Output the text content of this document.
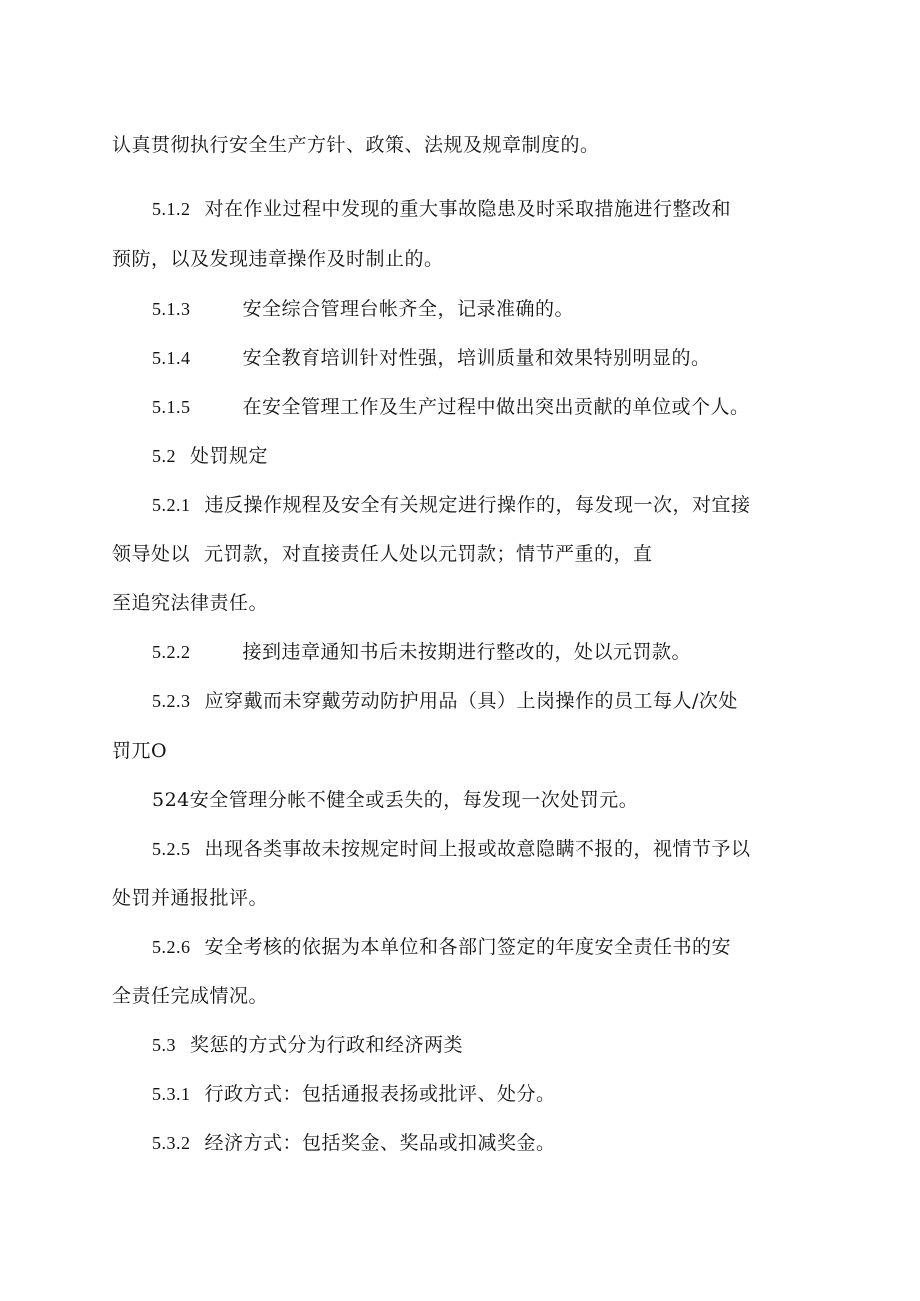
认真贯彻执行安全生产方针、政策、法规及规章制度的。
5.1.2 对在作业过程中发现的重大事故隐患及时采取措施进行整改和
预防，以及发现违章操作及时制止的。
5.1.3	安全综合管理台帐齐全，记录准确的。
5.1.4	安全教育培训针对性强，培训质量和效果特别明显的。
5.1.5	在安全管理工作及生产过程中做出突出贡献的单位或个人。
5.2 处罚规定
5.2.1 违反操作规程及安全有关规定进行操作的，每发现一次，对宜接
领导处以 元罚款，对直接责任人处以元罚款；情节严重的，直
至追究法律责任。
5.2.2	接到违章通知书后未按期进行整改的，处以元罚款。
5.2.3 应穿戴而未穿戴劳动防护用品（具）上岗操作的员工每人/次处
罚兀O
524安全管理分帐不健全或丢失的，每发现一次处罚元。
5.2.5 出现各类事故未按规定时间上报或故意隐瞒不报的，视情节予以
处罚并通报批评。
5.2.6 安全考核的依据为本单位和各部门签定的年度安全责任书的安
全责任完成情况。
5.3 奖惩的方式分为行政和经济两类
5.3.1 行政方式：包括通报表扬或批评、处分。
5.3.2 经济方式：包括奖金、奖品或扣减奖金。
